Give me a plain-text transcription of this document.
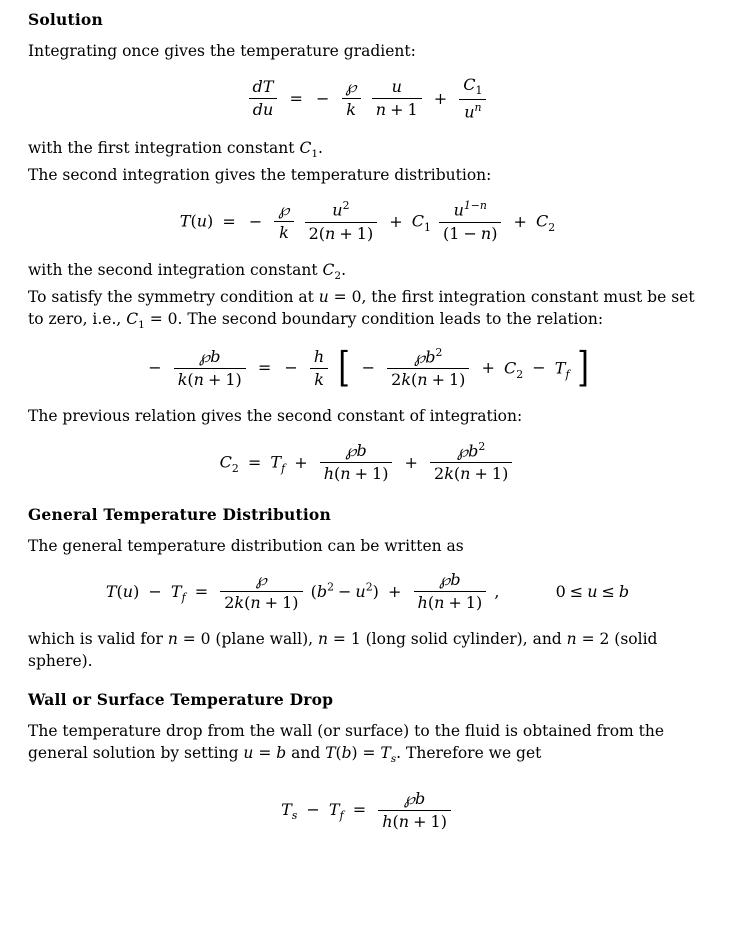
Solution

Integrating once gives the temperature gradient:

$\frac{dT}{du}$ = − $\frac{℘}{k}$
$\frac{u}{n + 1} + \frac{C_1}{u^n}$

with the first integration constant $C_1$.

The second integration gives the temperature distribution:

T(u) = − $\frac{℘}{k}$
$\frac{u^2}{2(n + 1)} + C_1 \frac{u^{1-n}}{(1 - n)} + C_2$

with the second integration constant $C_2$.

To satisfy the symmetry condition at u = 0, the first integration constant must be set to zero, i.e., $C_1 = 0$. The second boundary condition leads to the relation:

− $\frac{℘b}{k(n + 1)}$ = − $\frac{h}{k}$ [ − $\frac{℘b^2}{2k(n + 1)} + C_2 - T_f$ ]

The previous relation gives the second constant of integration:

$C_2 = T_f + \frac{℘b}{h(n + 1)} + \frac{℘b^2}{2k(n + 1)}$
General Temperature Distribution

The general temperature distribution can be written as

$T(u) - T_f = \frac{℘}{2k(n + 1)} (b^2 - u^2) + \frac{℘b}{h(n + 1)}$ ,	0 ≤ u ≤ b

which is valid for n = 0 (plane wall), n = 1 (long solid cylinder), and n = 2 (solid sphere).

Wall or Surface Temperature Drop

The temperature drop from the wall (or surface) to the fluid is obtained from the general solution by setting u = b and $T(b) = T_s$. Therefore we get

$T_s - T_f = \frac{℘b}{h(n + 1)}$
